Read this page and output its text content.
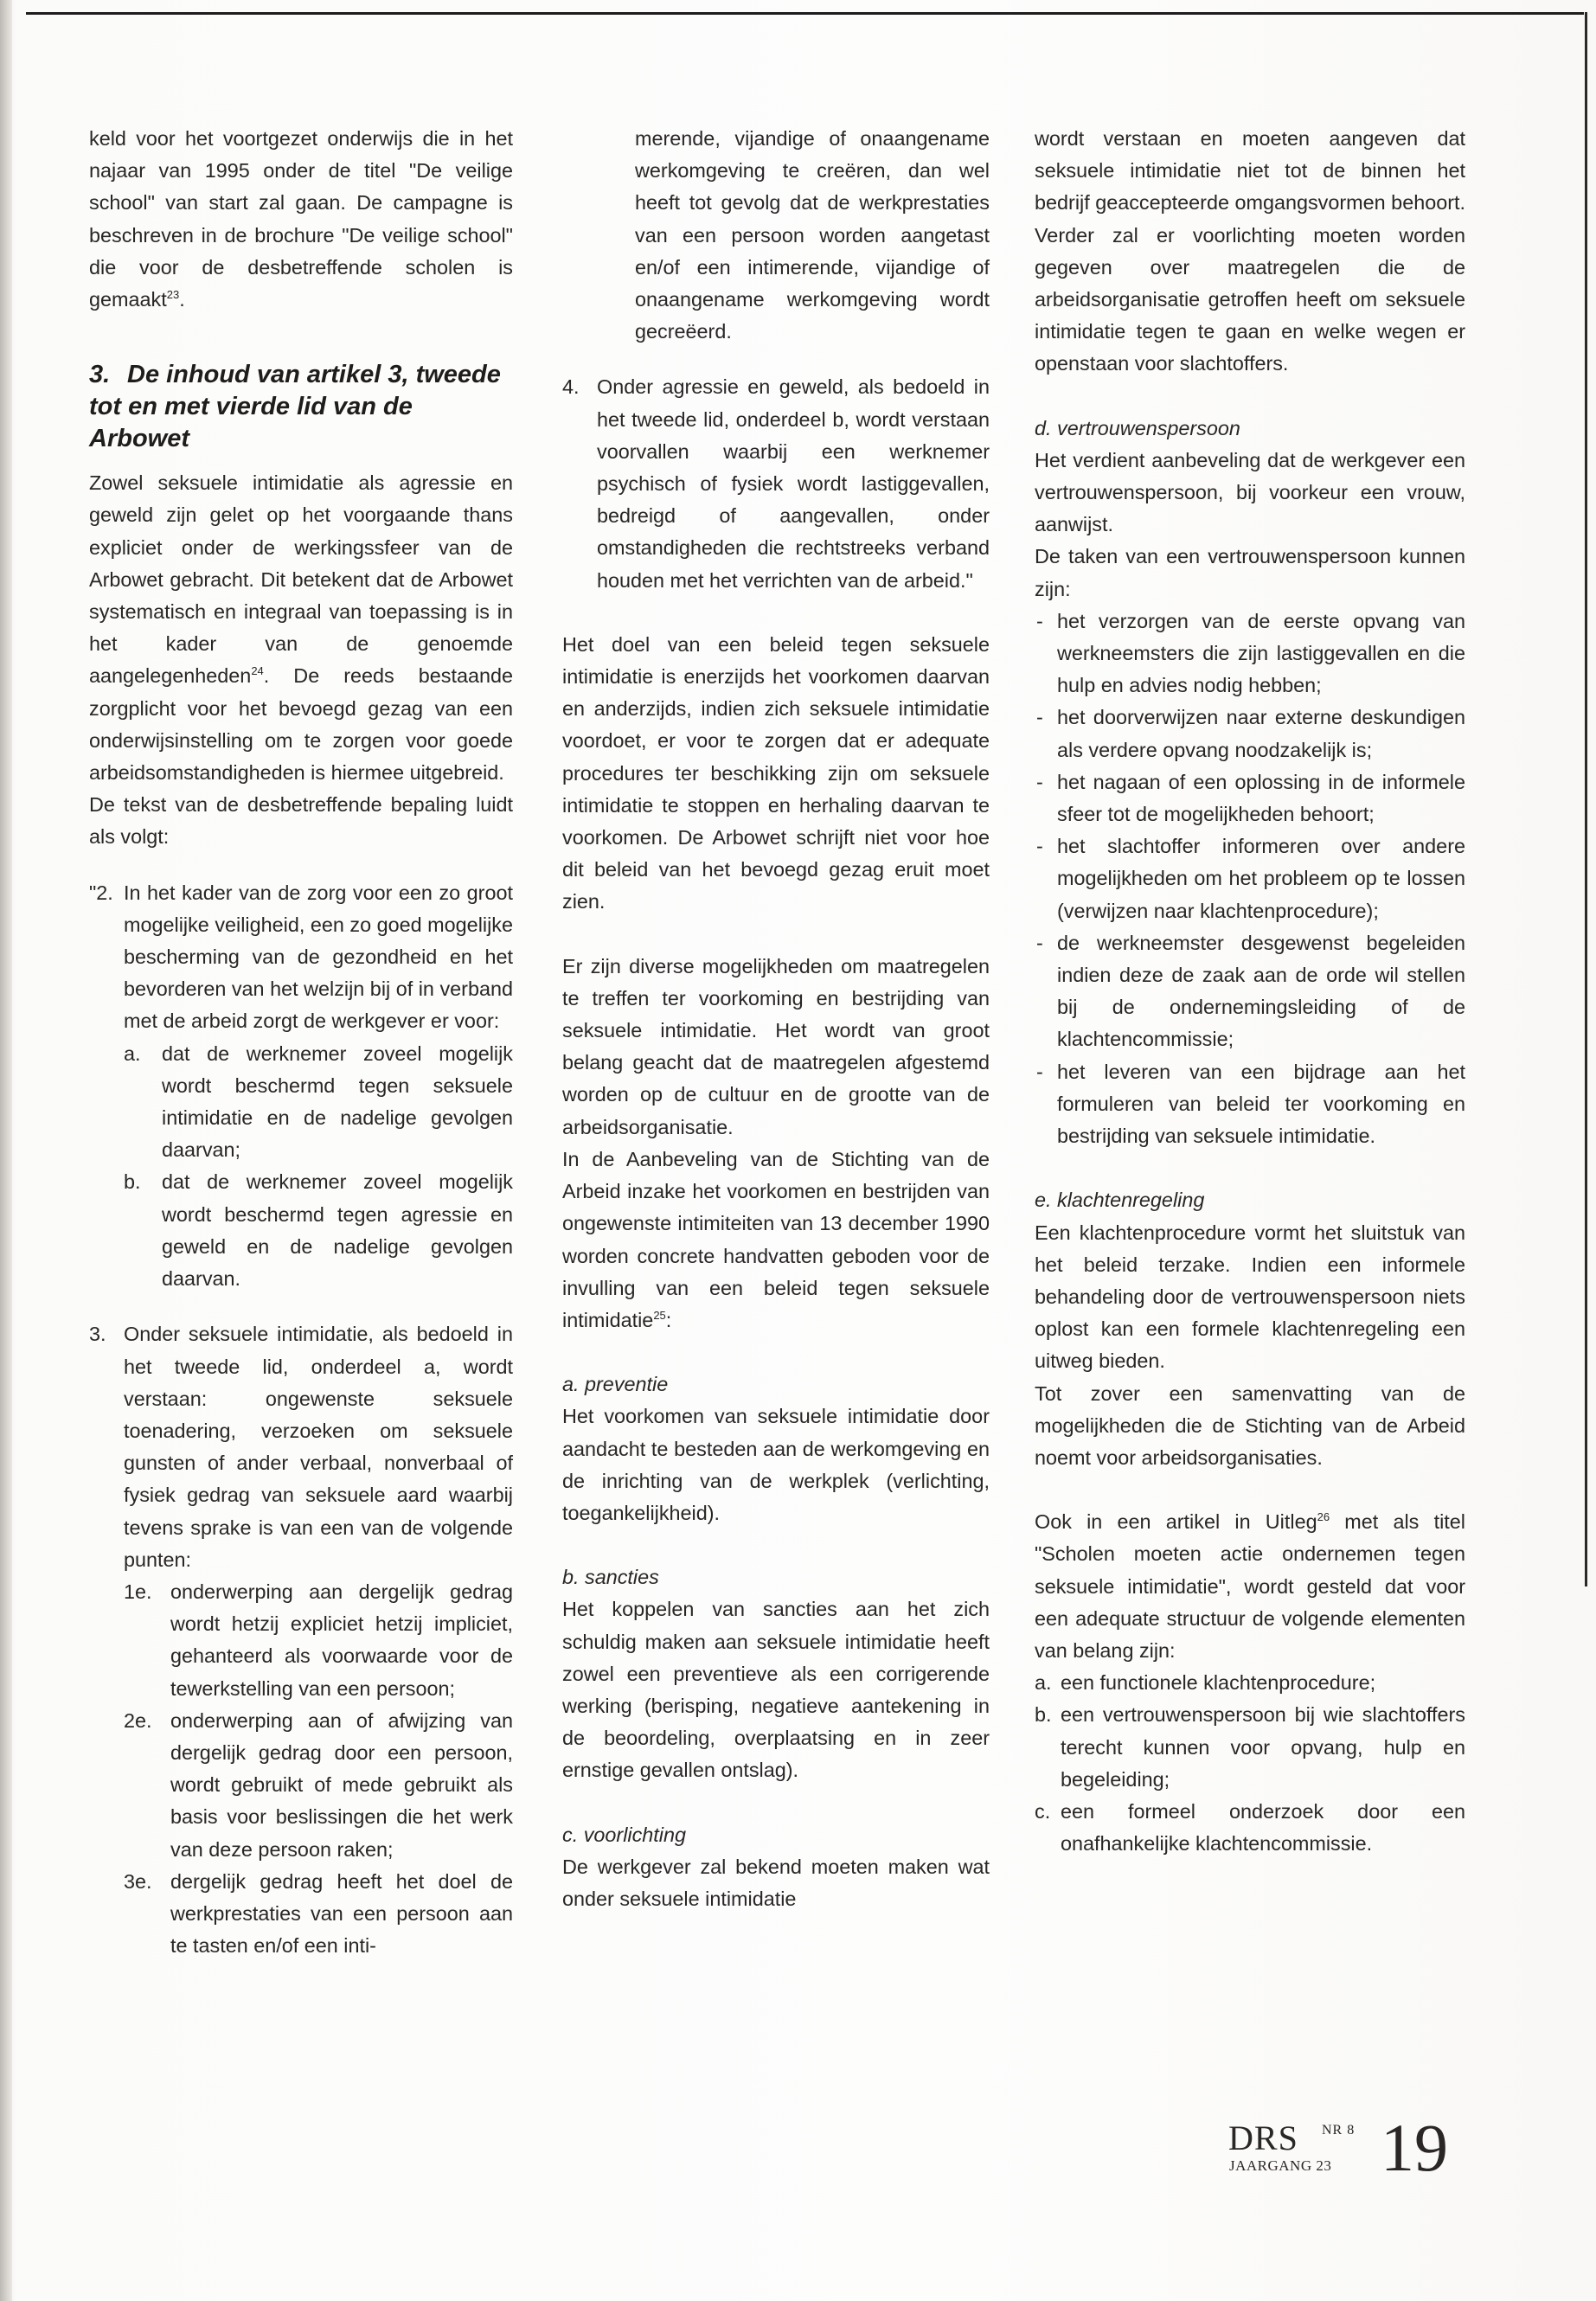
keld voor het voortgezet onderwijs die in het najaar van 1995 onder de titel "De veilige school" van start zal gaan. De campagne is beschreven in de brochure "De veilige school" die voor de desbetreffende scholen is gemaakt$^{23}$.

3. De inhoud van artikel 3, tweede tot en met vierde lid van de Arbowet

Zowel seksuele intimidatie als agressie en geweld zijn gelet op het voorgaande thans expliciet onder de werkingssfeer van de Arbowet gebracht. Dit betekent dat de Arbowet systematisch en integraal van toepassing is in het kader van de genoemde aangelegenheden$^{24}$. De reeds bestaande zorgplicht voor het bevoegd gezag van een onderwijsinstelling om te zorgen voor goede arbeidsomstandigheden is hiermee uitgebreid.

De tekst van de desbetreffende bepaling luidt als volgt:

"2. In het kader van de zorg voor een zo groot mogelijke veiligheid, een zo goed mogelijke bescherming van de gezondheid en het bevorderen van het welzijn bij of in verband met de arbeid zorgt de werkgever er voor:
a. dat de werknemer zoveel mogelijk wordt beschermd tegen seksuele intimidatie en de nadelige gevolgen daarvan;
b. dat de werknemer zoveel mogelijk wordt beschermd tegen agressie en geweld en de nadelige gevolgen daarvan.
3. Onder seksuele intimidatie, als bedoeld in het tweede lid, onderdeel a, wordt verstaan: ongewenste seksuele toenadering, verzoeken om seksuele gunsten of ander verbaal, nonverbaal of fysiek gedrag van seksuele aard waarbij tevens sprake is van een van de volgende punten:
1e. onderwerping aan dergelijk gedrag wordt hetzij expliciet hetzij impliciet, gehanteerd als voorwaarde voor de tewerkstelling van een persoon;
2e. onderwerping aan of afwijzing van dergelijk gedrag door een persoon, wordt gebruikt of mede gebruikt als basis voor beslissingen die het werk van deze persoon raken;
3e. dergelijk gedrag heeft het doel de werkprestaties van een persoon aan te tasten en/of een inti-

merende, vijandige of onaangename werkomgeving te creëren, dan wel heeft tot gevolg dat de werkprestaties van een persoon worden aangetast en/of een intimerende, vijandige of onaangename werkomgeving wordt gecreëerd.

4. Onder agressie en geweld, als bedoeld in het tweede lid, onderdeel b, wordt verstaan voorvallen waarbij een werknemer psychisch of fysiek wordt lastiggevallen, bedreigd of aangevallen, onder omstandigheden die rechtstreeks verband houden met het verrichten van de arbeid."

Het doel van een beleid tegen seksuele intimidatie is enerzijds het voorkomen daarvan en anderzijds, indien zich seksuele intimidatie voordoet, er voor te zorgen dat er adequate procedures ter beschikking zijn om seksuele intimidatie te stoppen en herhaling daarvan te voorkomen. De Arbowet schrijft niet voor hoe dit beleid van het bevoegd gezag eruit moet zien.

Er zijn diverse mogelijkheden om maatregelen te treffen ter voorkoming en bestrijding van seksuele intimidatie. Het wordt van groot belang geacht dat de maatregelen afgestemd worden op de cultuur en de grootte van de arbeidsorganisatie.

In de Aanbeveling van de Stichting van de Arbeid inzake het voorkomen en bestrijden van ongewenste intimiteiten van 13 december 1990 worden concrete handvatten geboden voor de invulling van een beleid tegen seksuele intimidatie$^{25}$:

a. preventie

Het voorkomen van seksuele intimidatie door aandacht te besteden aan de werkomgeving en de inrichting van de werkplek (verlichting, toegankelijkheid).

b. sancties

Het koppelen van sancties aan het zich schuldig maken aan seksuele intimidatie heeft zowel een preventieve als een corrigerende werking (berisping, negatieve aantekening in de beoordeling, overplaatsing en in zeer ernstige gevallen ontslag).

c. voorlichting

De werkgever zal bekend moeten maken wat onder seksuele intimidatie

wordt verstaan en moeten aangeven dat seksuele intimidatie niet tot de binnen het bedrijf geaccepteerde omgangsvormen behoort. Verder zal er voorlichting moeten worden gegeven over maatregelen die de arbeidsorganisatie getroffen heeft om seksuele intimidatie tegen te gaan en welke wegen er openstaan voor slachtoffers.

d. vertrouwenspersoon

Het verdient aanbeveling dat de werkgever een vertrouwenspersoon, bij voorkeur een vrouw, aanwijst.

De taken van een vertrouwenspersoon kunnen zijn:

- het verzorgen van de eerste opvang van werkneemsters die zijn lastiggevallen en die hulp en advies nodig hebben;
- het doorverwijzen naar externe deskundigen als verdere opvang noodzakelijk is;
- het nagaan of een oplossing in de informele sfeer tot de mogelijkheden behoort;
- het slachtoffer informeren over andere mogelijkheden om het probleem op te lossen (verwijzen naar klachtenprocedure);
- de werkneemster desgewenst begeleiden indien deze de zaak aan de orde wil stellen bij de ondernemingsleiding of de klachtencommissie;
- het leveren van een bijdrage aan het formuleren van beleid ter voorkoming en bestrijding van seksuele intimidatie.

e. klachtenregeling

Een klachtenprocedure vormt het sluitstuk van het beleid terzake. Indien een informele behandeling door de vertrouwenspersoon niets oplost kan een formele klachtenregeling een uitweg bieden.

Tot zover een samenvatting van de mogelijkheden die de Stichting van de Arbeid noemt voor arbeidsorganisaties.

Ook in een artikel in Uitleg$^{26}$ met als titel "Scholen moeten actie ondernemen tegen seksuele intimidatie", wordt gesteld dat voor een adequate structuur de volgende elementen van belang zijn:

a. een functionele klachtenprocedure;
b. een vertrouwenspersoon bij wie slachtoffers terecht kunnen voor opvang, hulp en begeleiding;
c. een formeel onderzoek door een onafhankelijke klachtencommissie.
DRS NR 8
JAARGANG 23 19
